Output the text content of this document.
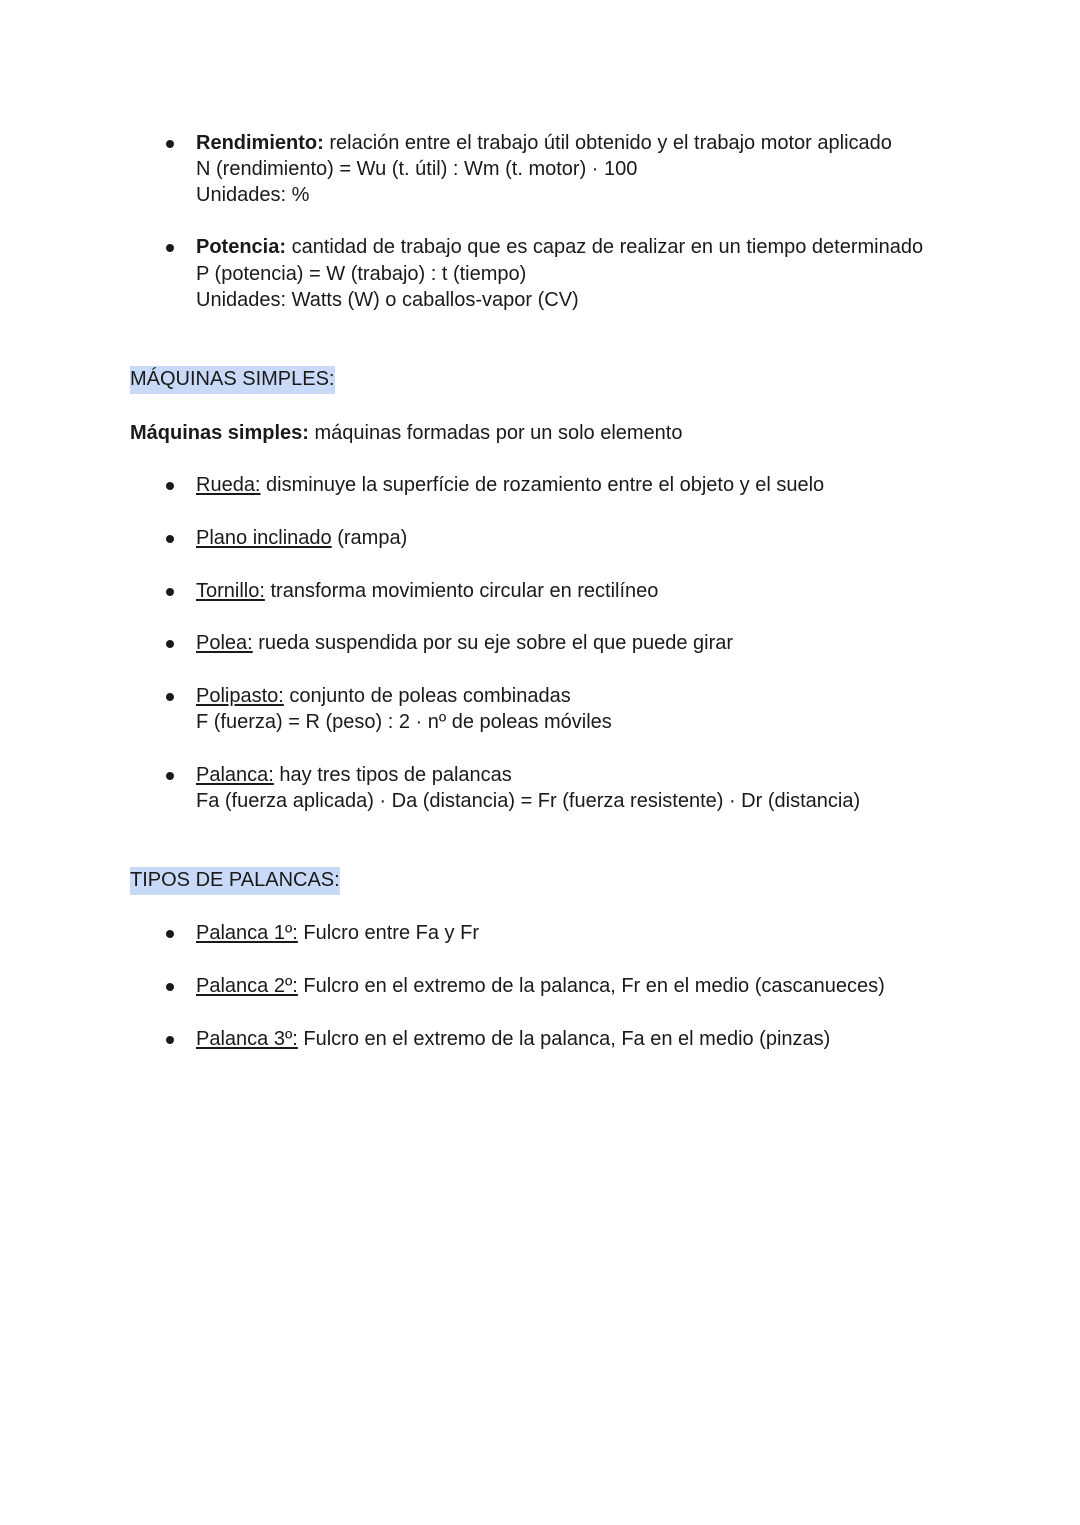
Rendimiento: relación entre el trabajo útil obtenido y el trabajo motor aplicado
N (rendimiento) = Wu (t. útil) : Wm (t. motor) · 100
Unidades: %
Potencia: cantidad de trabajo que es capaz de realizar en un tiempo determinado
P (potencia) = W (trabajo) : t (tiempo)
Unidades: Watts (W) o caballos-vapor (CV)
MÁQUINAS SIMPLES:
Máquinas simples: máquinas formadas por un solo elemento
Rueda: disminuye la superfície de rozamiento entre el objeto y el suelo
Plano inclinado (rampa)
Tornillo: transforma movimiento circular en rectilíneo
Polea: rueda suspendida por su eje sobre el que puede girar
Polipasto: conjunto de poleas combinadas
F (fuerza) = R (peso) : 2 · nº de poleas móviles
Palanca: hay tres tipos de palancas
Fa (fuerza aplicada) · Da (distancia) = Fr (fuerza resistente) · Dr (distancia)
TIPOS DE PALANCAS:
Palanca 1º: Fulcro entre Fa y Fr
Palanca 2º: Fulcro en el extremo de la palanca, Fr en el medio (cascanueces)
Palanca 3º: Fulcro en el extremo de la palanca, Fa en el medio (pinzas)
